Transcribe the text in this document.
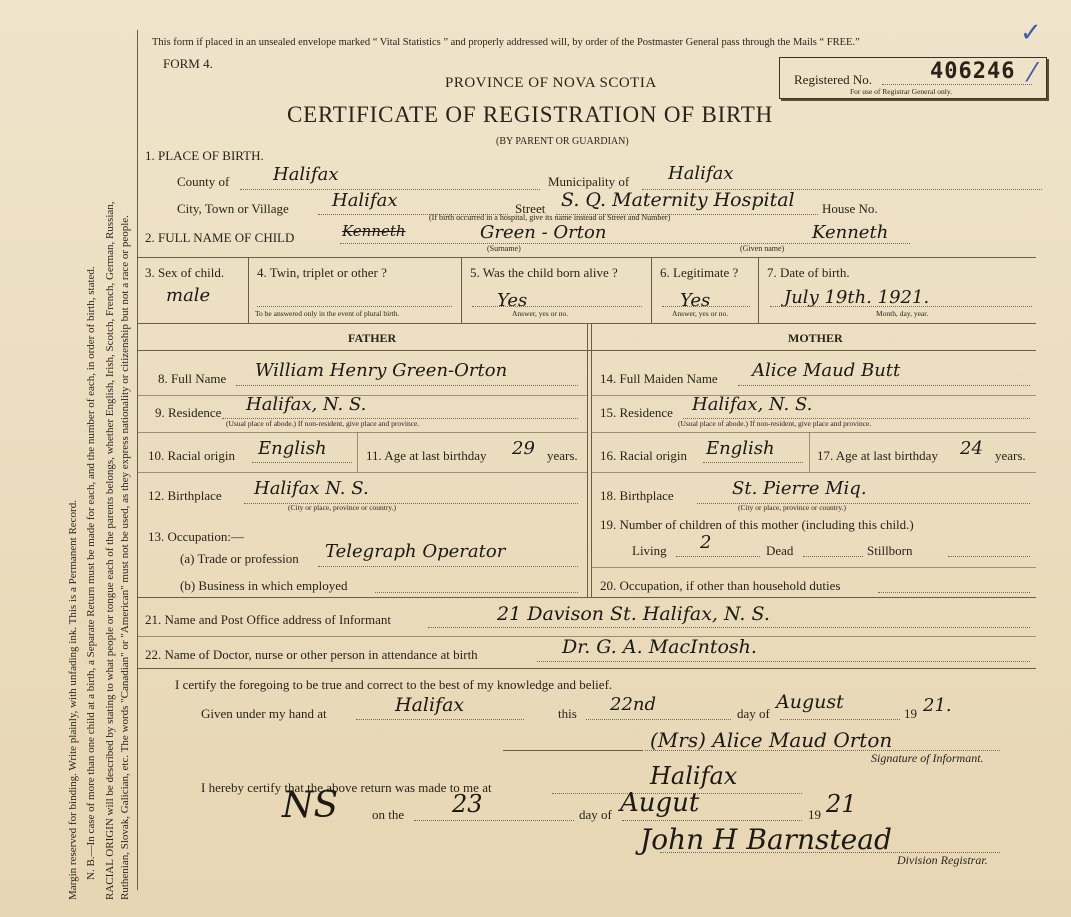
Margin reserved for binding. Write plainly, with unfading ink. This is a Permanent Record. N. B.—In case of more than one child at a birth, a Separate Return must be made for each, and the number of each, in order of birth, stated. RACIAL ORIGIN will be described by stating to what people or tongue each of the parents belongs, whether English, Irish, Scotch, French, German, Russian, Ruthenian, Slovak, Galician, etc. The words "Canadian" or "American" must not be used, as they express nationality or citizenship but not a race or people.
This form if placed in an unsealed envelope marked “ Vital Statistics ” and properly addressed will, by order of the Postmaster General pass through the Mails “ FREE.”	✓
FORM 4.
PROVINCE OF NOVA SCOTIA	Registered No.	406246
For use of Registrar General only.
⁄
CERTIFICATE OF REGISTRATION OF BIRTH
(BY PARENT OR GUARDIAN)
1. PLACE OF BIRTH.
County of Halifax	Municipality of Halifax
City, Town or Village Halifax	Street S. Q. Maternity Hospital House No.
(If birth occurred in a hospital, give its name instead of Street and Number)
2. FULL NAME OF CHILD	Kenneth	Green - Orton
(Surname)
Kenneth
(Given name)
3. Sex of child.
male
4. Twin, triplet or other ?
To be answered only in the event of plural birth.
5. Was the child born alive ?
Yes
Answer, yes or no.
6. Legitimate ?
Yes
Answer, yes or no.
7. Date of birth.
July 19th. 1921.
Month, day, year.
FATHER	MOTHER
8. Full Name William Henry Green-Orton
9. Residence Halifax, N. S.
(Usual place of abode.) If non-resident, give place and province.
10. Racial origin English	11. Age at last birthday 29 years.
12. Birthplace Halifax N. S.
(City or place, province or country.)
13. Occupation:—
(a) Trade or profession Telegraph Operator
(b) Business in which employed
14. Full Maiden Name Alice Maud Butt
15. Residence Halifax, N. S.
(Usual place of abode.) If non-resident, give place and province.
16. Racial origin English	17. Age at last birthday 24 years.
18. Birthplace	St. Pierre Miq.
(City or place, province or country.)
19. Number of children of this mother (including this child.)
Living 2	Dead	Stillborn
20. Occupation, if other than household duties
21. Name and Post Office address of Informant	21 Davison St. Halifax, N. S.
22. Name of Doctor, nurse or other person in attendance at birth	Dr. G. A. MacIntosh.
I certify the foregoing to be true and correct to the best of my knowledge and belief.
Given under my hand at	Halifax	this 22nd	day of
August
19 21.
(Mrs) Alice Maud Orton
Signature of Informant.
I hereby certify that the above return was made to me at	Halifax
NS	on the 23	day of Augut	19 21
John H Barnstead
Division Registrar.
